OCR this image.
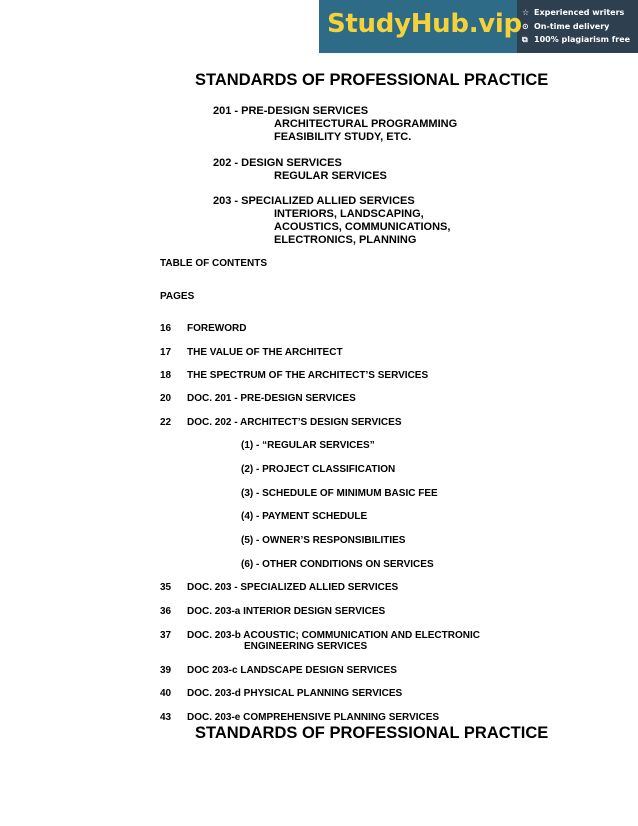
StudyHub.vip ☆ Experienced writers
⊙ On-time delivery
⧉ 100% plagiarism free
STANDARDS OF PROFESSIONAL PRACTICE
201 - PRE-DESIGN SERVICES
ARCHITECTURAL PROGRAMMING
FEASIBILITY STUDY, ETC.
202 - DESIGN SERVICES
REGULAR SERVICES
203 - SPECIALIZED ALLIED SERVICES
INTERIORS, LANDSCAPING,
ACOUSTICS, COMMUNICATIONS,
ELECTRONICS, PLANNING
TABLE OF CONTENTS
PAGES
16 FOREWORD
17 THE VALUE OF THE ARCHITECT
18 THE SPECTRUM OF THE ARCHITECT’S SERVICES
20 DOC. 201 - PRE-DESIGN SERVICES
22 DOC. 202 - ARCHITECT’S DESIGN SERVICES
(1) - “REGULAR SERVICES”
(2) - PROJECT CLASSIFICATION
(3) - SCHEDULE OF MINIMUM BASIC FEE
(4) - PAYMENT SCHEDULE
(5) - OWNER’S RESPONSIBILITIES
(6) - OTHER CONDITIONS ON SERVICES
35 DOC. 203 - SPECIALIZED ALLIED SERVICES
36 DOC. 203-a INTERIOR DESIGN SERVICES
37 DOC. 203-b ACOUSTIC; COMMUNICATION AND ELECTRONIC
ENGINEERING SERVICES
39 DOC 203-c LANDSCAPE DESIGN SERVICES
40 DOC. 203-d PHYSICAL PLANNING SERVICES
43 DOC. 203-e COMPREHENSIVE PLANNING SERVICES
STANDARDS OF PROFESSIONAL PRACTICE
